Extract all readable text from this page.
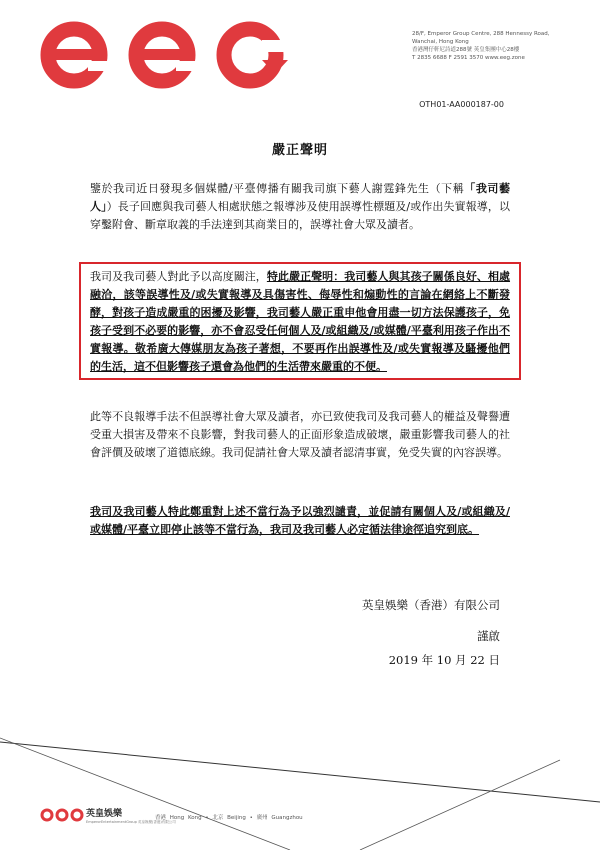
28/F, Emperor Group Centre, 288 Hennessy Road,
Wanchai, Hong Kong
香港灣仔軒尼詩道288號 英皇集團中心28樓
T 2835 6688 F 2591 3570 www.eeg.zone
OTH01-AA000187-00
嚴正聲明
鑒於我司近日發現多個媒體/平臺傳播有關我司旗下藝人謝霆鋒先生（下稱「我司藝人」）長子回應與我司藝人相處狀態之報導涉及使用誤導性標題及/或作出失實報導，以穿鑿附會、斷章取義的手法達到其商業目的，誤導社會大眾及讀者。
我司及我司藝人對此予以高度關注，特此嚴正聲明：我司藝人與其孩子關係良好、相處融洽，該等誤導性及/或失實報導及具傷害性、侮辱性和煽動性的言論在網絡上不斷發酵，對孩子造成嚴重的困擾及影響，我司藝人嚴正重申他會用盡一切方法保護孩子，免孩子受到不必要的影響，亦不會忍受任何個人及/或組織及/或媒體/平臺利用孩子作出不實報導。敬希廣大傳媒朋友為孩子著想，不要再作出誤導性及/或失實報導及騷擾他們的生活，這不但影響孩子還會為他們的生活帶來嚴重的不便。
此等不良報導手法不但誤導社會大眾及讀者，亦已致使我司及我司藝人的權益及聲譽遭受重大損害及帶來不良影響，對我司藝人的正面形象造成破壞，嚴重影響我司藝人的社會評價及破壞了道德底線。我司促請社會大眾及讀者認清事實，免受失實的內容誤導。
我司及我司藝人特此鄭重對上述不當行為予以強烈譴責，並促請有關個人及/或組織及/或媒體/平臺立即停止該等不當行為，我司及我司藝人必定循法律途徑追究到底。
英皇娛樂（香港）有限公司
謹啟
2019 年 10 月 22 日
英皇娛樂
EmperorEntertainmentGroup 英皇娛樂(香港)有限公司
香港 Hong Kong • 北京 Beijing • 廣州 Guangzhou
